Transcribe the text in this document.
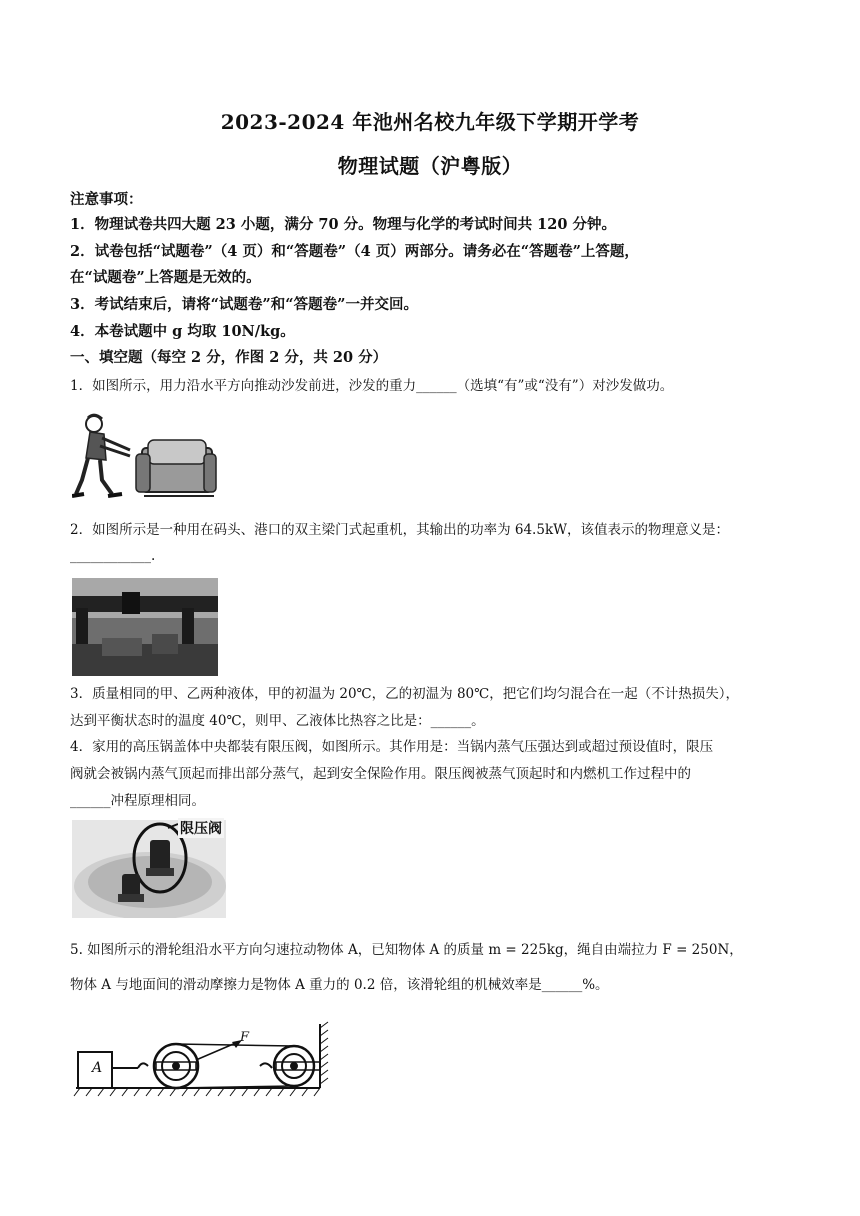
2023-2024 年池州名校九年级下学期开学考
物理试题（沪粤版）
注意事项：
1．物理试卷共四大题 23 小题，满分 70 分。物理与化学的考试时间共 120 分钟。
2．试卷包括“试题卷”（4 页）和“答题卷”（4 页）两部分。请务必在“答题卷”上答题，
在“试题卷”上答题是无效的。
3．考试结束后，请将“试题卷”和“答题卷”一并交回。
4．本卷试题中 g 均取 10N/kg。
一、填空题（每空 2 分，作图 2 分，共 20 分）
1．如图所示，用力沿水平方向推动沙发前进，沙发的重力______（选填“有”或“没有”）对沙发做功。
2．如图所示是一种用在码头、港口的双主梁门式起重机，其输出的功率为 64.5kW，该值表示的物理意义是：
____________.
3．质量相同的甲、乙两种液体，甲的初温为 20℃，乙的初温为 80℃，把它们均匀混合在一起（不计热损失），
达到平衡状态时的温度 40℃，则甲、乙液体比热容之比是：______。
4．家用的高压锅盖体中央都装有限压阀，如图所示。其作用是：当锅内蒸气压强达到或超过预设值时，限压
阀就会被锅内蒸气顶起而排出部分蒸气，起到安全保险作用。限压阀被蒸气顶起时和内燃机工作过程中的
______冲程原理相同。
限压阀
5. 如图所示的滑轮组沿水平方向匀速拉动物体 A，已知物体 A 的质量 m = 225kg，绳自由端拉力 F = 250N，
物体 A 与地面间的滑动摩擦力是物体 A 重力的 0.2 倍，该滑轮组的机械效率是______%。
A
F
